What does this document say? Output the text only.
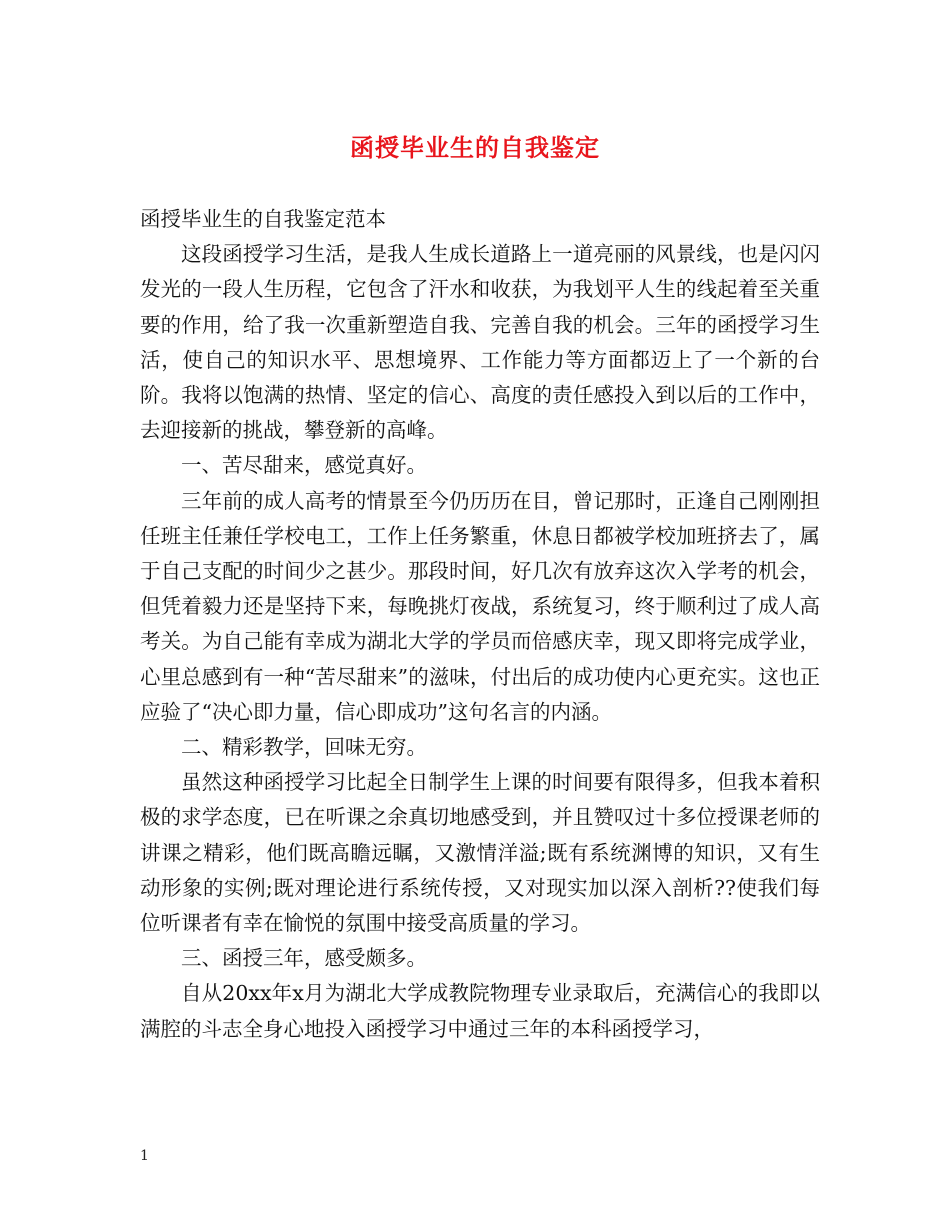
函授毕业生的自我鉴定

函授毕业生的自我鉴定范本

这段函授学习生活，是我人生成长道路上一道亮丽的风景线，也是闪闪发光的一段人生历程，它包含了汗水和收获，为我划平人生的线起着至关重要的作用，给了我一次重新塑造自我、完善自我的机会。三年的函授学习生活，使自己的知识水平、思想境界、工作能力等方面都迈上了一个新的台阶。我将以饱满的热情、坚定的信心、高度的责任感投入到以后的工作中，去迎接新的挑战，攀登新的高峰。

一、苦尽甜来，感觉真好。

三年前的成人高考的情景至今仍历历在目，曾记那时，正逢自己刚刚担任班主任兼任学校电工，工作上任务繁重，休息日都被学校加班挤去了，属于自己支配的时间少之甚少。那段时间，好几次有放弃这次入学考的机会，但凭着毅力还是坚持下来，每晚挑灯夜战，系统复习，终于顺利过了成人高考关。为自己能有幸成为湖北大学的学员而倍感庆幸，现又即将完成学业，心里总感到有一种“苦尽甜来”的滋味，付出后的成功使内心更充实。这也正应验了“决心即力量，信心即成功”这句名言的内涵。

二、精彩教学，回味无穷。

虽然这种函授学习比起全日制学生上课的时间要有限得多，但我本着积极的求学态度，已在听课之余真切地感受到，并且赞叹过十多位授课老师的讲课之精彩，他们既高瞻远瞩，又激情洋溢;既有系统渊博的知识，又有生动形象的实例;既对理论进行系统传授，又对现实加以深入剖析??使我们每位听课者有幸在愉悦的氛围中接受高质量的学习。

三、函授三年，感受颇多。

自从20xx年x月为湖北大学成教院物理专业录取后，充满信心的我即以满腔的斗志全身心地投入函授学习中通过三年的本科函授学习，

1
